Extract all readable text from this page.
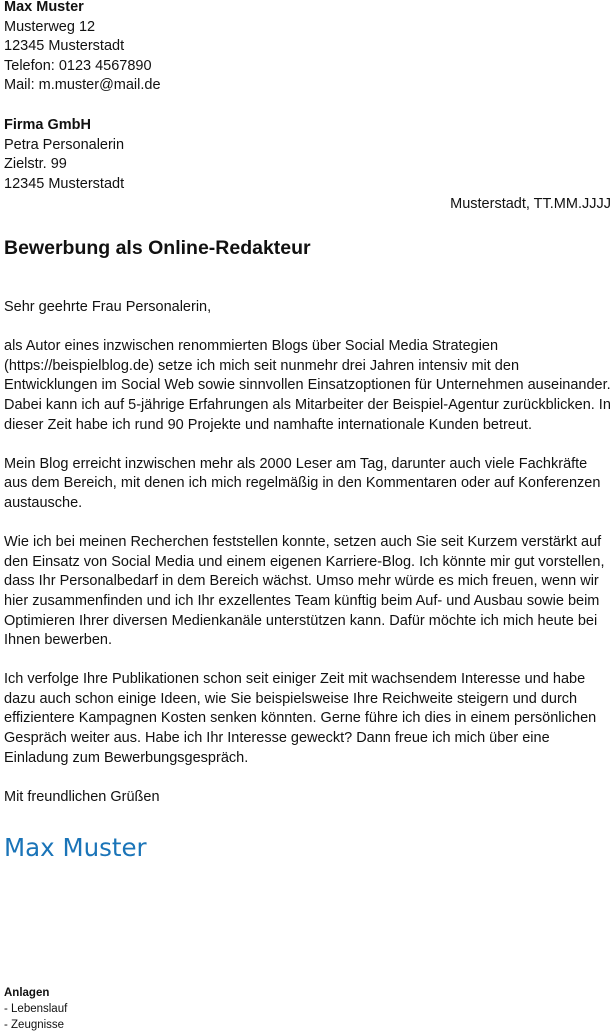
Max Muster
Musterweg 12
12345 Musterstadt
Telefon: 0123 4567890
Mail: m.muster@mail.de
Firma GmbH
Petra Personalerin
Zielstr. 99
12345 Musterstadt
Musterstadt, TT.MM.JJJJ
Bewerbung als Online-Redakteur

Sehr geehrte Frau Personalerin,

als Autor eines inzwischen renommierten Blogs über Social Media Strategien (https://beispielblog.de) setze ich mich seit nunmehr drei Jahren intensiv mit den Entwicklungen im Social Web sowie sinnvollen Einsatzoptionen für Unternehmen auseinander. Dabei kann ich auf 5-jährige Erfahrungen als Mitarbeiter der Beispiel-Agentur zurückblicken. In dieser Zeit habe ich rund 90 Projekte und namhafte internationale Kunden betreut.

Mein Blog erreicht inzwischen mehr als 2000 Leser am Tag, darunter auch viele Fachkräfte aus dem Bereich, mit denen ich mich regelmäßig in den Kommentaren oder auf Konferenzen austausche.

Wie ich bei meinen Recherchen feststellen konnte, setzen auch Sie seit Kurzem verstärkt auf den Einsatz von Social Media und einem eigenen Karriere-Blog. Ich könnte mir gut vorstellen, dass Ihr Personalbedarf in dem Bereich wächst. Umso mehr würde es mich freuen, wenn wir hier zusammenfinden und ich Ihr exzellentes Team künftig beim Auf- und Ausbau sowie beim Optimieren Ihrer diversen Medienkanäle unterstützen kann. Dafür möchte ich mich heute bei Ihnen bewerben.

Ich verfolge Ihre Publikationen schon seit einiger Zeit mit wachsendem Interesse und habe dazu auch schon einige Ideen, wie Sie beispielsweise Ihre Reichweite steigern und durch effizientere Kampagnen Kosten senken könnten. Gerne führe ich dies in einem persönlichen Gespräch weiter aus. Habe ich Ihr Interesse geweckt? Dann freue ich mich über eine Einladung zum Bewerbungsgespräch.

Mit freundlichen Grüßen

Max Muster
Anlagen
- Lebenslauf
- Zeugnisse
